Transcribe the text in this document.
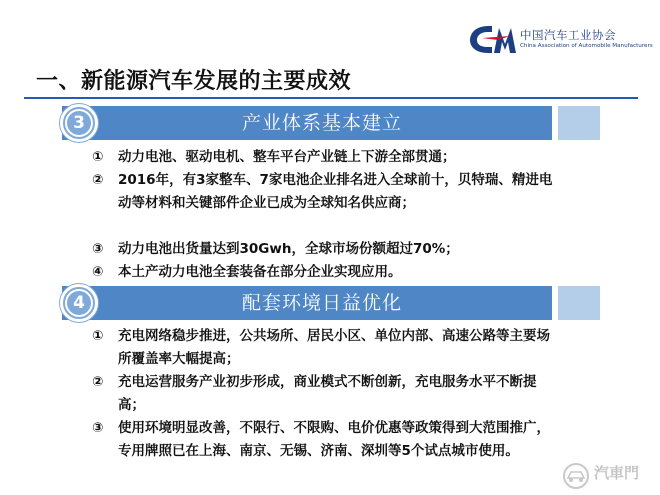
中国汽车工业协会
China Association of Automobile Manufacturers
一、新能源汽车发展的主要成效
产业体系基本建立
3
①	动力电池、驱动电机、整车平台产业链上下游全部贯通；
②	2016年，有3家整车、7家电池企业排名进入全球前十，贝特瑞、精进电动等材料和关键部件企业已成为全球知名供应商；
③	动力电池出货量达到30Gwh，全球市场份额超过70%；
④	本土产动力电池全套装备在部分企业实现应用。
配套环境日益优化
4
①	充电网络稳步推进，公共场所、居民小区、单位内部、高速公路等主要场所覆盖率大幅提高；
②	充电运营服务产业初步形成，商业模式不断创新，充电服务水平不断提高；
③	使用环境明显改善，不限行、不限购、电价优惠等政策得到大范围推广，专用牌照已在上海、南京、无锡、济南、深圳等5个试点城市使用。
汽車門
